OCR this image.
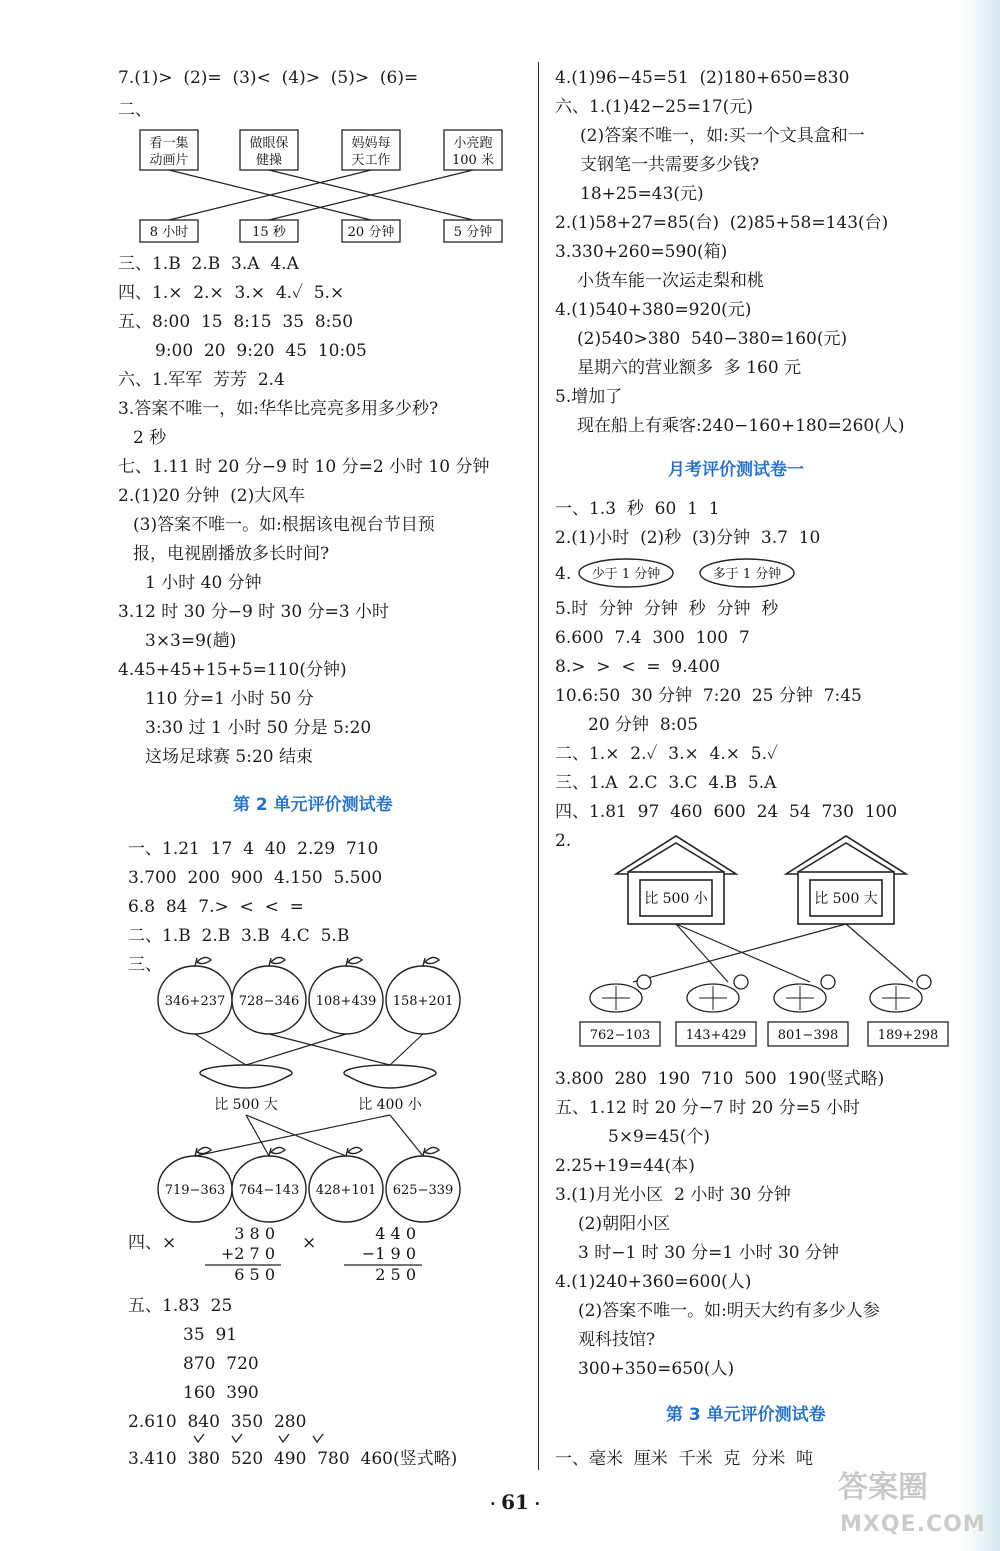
7.(1)>  (2)=  (3)<  (4)>  (5)>  (6)=
二、
看一集
动画片
做眼保
健操
妈妈每
天工作
小亮跑
100 米
8 小时	15 秒	20 分钟	5 分钟
三、1.B  2.B  3.A  4.A
四、1.×  2.×  3.×  4.✓  5.×
五、8:00  15  8:15  35  8:50
9:00  20  9:20  45  10:05
六、1.军军  芳芳  2.4
3.答案不唯一，如:华华比亮亮多用多少秒?
2 秒
七、1.11 时 20 分−9 时 10 分=2 小时 10 分钟
2.(1)20 分钟  (2)大风车
(3)答案不唯一。如:根据该电视台节目预
报，电视剧播放多长时间?
1 小时 40 分钟
3.12 时 30 分−9 时 30 分=3 小时
3×3=9(趟)
4.45+45+15+5=110(分钟)
110 分=1 小时 50 分
3:30 过 1 小时 50 分是 5:20
这场足球赛 5:20 结束
第 2 单元评价测试卷
一、1.21  17  4  40  2.29  710
3.700  200  900  4.150  5.500
6.8  84  7.>  <  <  =
二、1.B  2.B  3.B  4.C  5.B
三、
346+237 728−346 108+439 158+201
比 500 大	比 400 小
719−363 764−143 428+101 625−339
四、×	×
3 8 0
+2 7 0
6 5 0
4 4 0
−1 9 0
2 5 0
五、1.83  25
35  91
870  720
160  390
2.610  840  350  280
3.410  380  520  490  780  460(竖式略)
4.(1)96−45=51  (2)180+650=830
六、1.(1)42−25=17(元)
(2)答案不唯一，如:买一个文具盒和一
支钢笔一共需要多少钱?
18+25=43(元)
2.(1)58+27=85(台)  (2)85+58=143(台)
3.330+260=590(箱)
小货车能一次运走梨和桃
4.(1)540+380=920(元)
(2)540>380  540−380=160(元)
星期六的营业额多  多 160 元
5.增加了
现在船上有乘客:240−160+180=260(人)
月考评价测试卷一
一、1.3  秒  60  1  1
2.(1)小时  (2)秒  (3)分钟  3.7  10
4. 少于 1 分钟	多于 1 分钟
5.时  分钟  分钟  秒  分钟  秒
6.600  7.4  300  100  7
8.>  >  <  =  9.400
10.6:50  30 分钟  7:20  25 分钟  7:45
20 分钟  8:05
二、1.×  2.✓  3.×  4.×  5.✓
三、1.A  2.C  3.C  4.B  5.A
四、1.81  97  460  600  24  54  730  100
2.
比 500 小	比 500 大
762−103	143+429 801−398	189+298
3.800  280  190  710  500  190(竖式略)
五、1.12 时 20 分−7 时 20 分=5 小时
5×9=45(个)
2.25+19=44(本)
3.(1)月光小区  2 小时 30 分钟
(2)朝阳小区
3 时−1 时 30 分=1 小时 30 分钟
4.(1)240+360=600(人)
(2)答案不唯一。如:明天大约有多少人参
观科技馆?
300+350=650(人)
第 3 单元评价测试卷
一、毫米  厘米  千米  克  分米  吨
· 61 ·	答案圈
MXQE.COM
